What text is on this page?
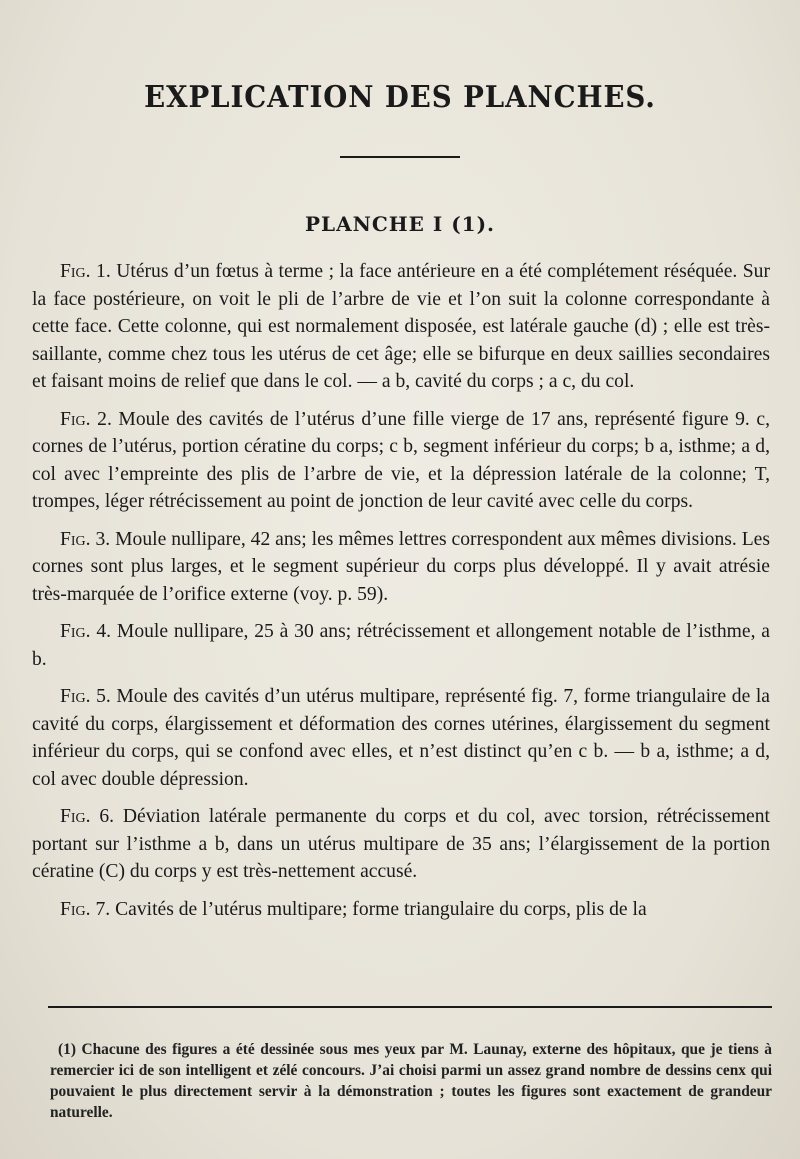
EXPLICATION DES PLANCHES.
PLANCHE I (1).

Fig. 1. Utérus d’un fœtus à terme ; la face antérieure en a été complétement réséquée. Sur la face postérieure, on voit le pli de l’arbre de vie et l’on suit la colonne correspondante à cette face. Cette colonne, qui est normalement disposée, est latérale gauche (d) ; elle est très-saillante, comme chez tous les utérus de cet âge; elle se bifurque en deux saillies secondaires et faisant moins de relief que dans le col. — a b, cavité du corps ; a c, du col.

Fig. 2. Moule des cavités de l’utérus d’une fille vierge de 17 ans, représenté figure 9. c, cornes de l’utérus, portion cératine du corps; c b, segment inférieur du corps; b a, isthme; a d, col avec l’empreinte des plis de l’arbre de vie, et la dépression latérale de la colonne; T, trompes, léger rétrécissement au point de jonction de leur cavité avec celle du corps.

Fig. 3. Moule nullipare, 42 ans; les mêmes lettres correspondent aux mêmes divisions. Les cornes sont plus larges, et le segment supérieur du corps plus développé. Il y avait atrésie très-marquée de l’orifice externe (voy. p. 59).

Fig. 4. Moule nullipare, 25 à 30 ans; rétrécissement et allongement notable de l’isthme, a b.

Fig. 5. Moule des cavités d’un utérus multipare, représenté fig. 7, forme triangulaire de la cavité du corps, élargissement et déformation des cornes utérines, élargissement du segment inférieur du corps, qui se confond avec elles, et n’est distinct qu’en c b. — b a, isthme; a d, col avec double dépression.

Fig. 6. Déviation latérale permanente du corps et du col, avec torsion, rétrécissement portant sur l’isthme a b, dans un utérus multipare de 35 ans; l’élargissement de la portion cératine (C) du corps y est très-nettement accusé.

Fig. 7. Cavités de l’utérus multipare; forme triangulaire du corps, plis de la

(1) Chacune des figures a été dessinée sous mes yeux par M. Launay, externe des hôpitaux, que je tiens à remercier ici de son intelligent et zélé concours. J’ai choisi parmi un assez grand nombre de dessins cenx qui pouvaient le plus directement servir à la démonstration ; toutes les figures sont exactement de grandeur naturelle.
